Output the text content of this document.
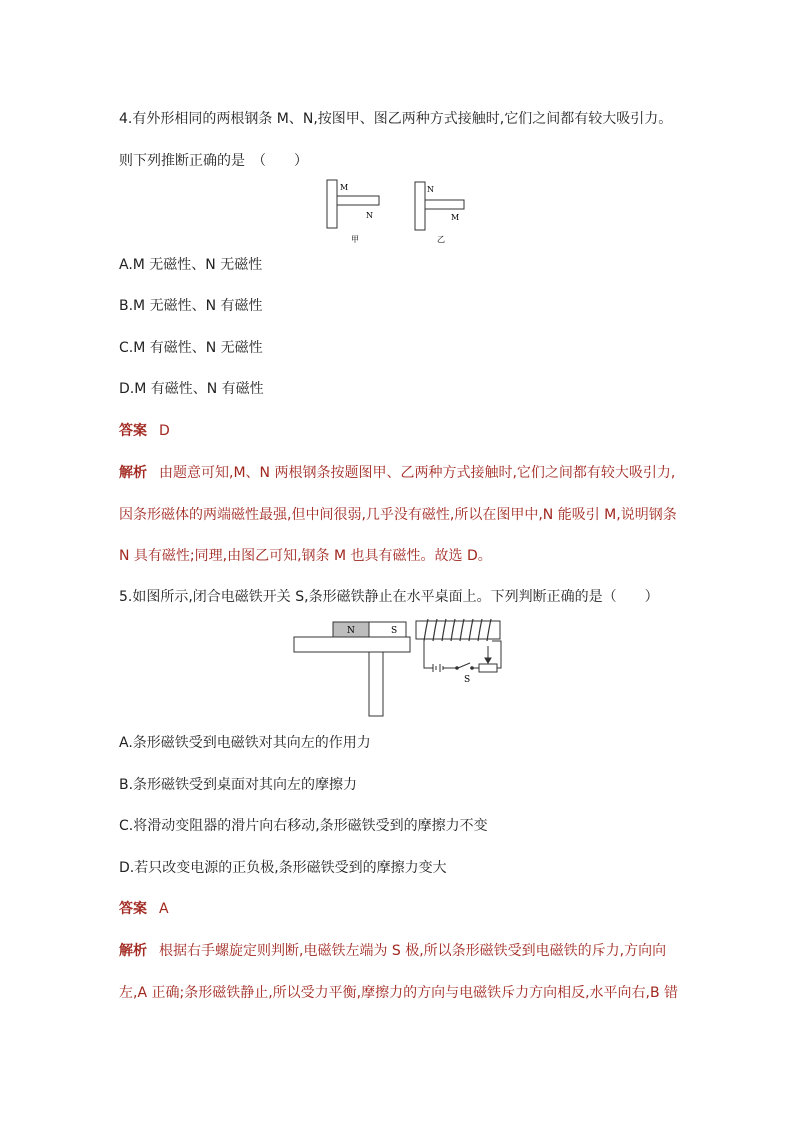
4.有外形相同的两根钢条 M、N,按图甲、图乙两种方式接触时,它们之间都有较大吸引力。
则下列推断正确的是　（　　）
M
N
甲
N
M
乙
A.M 无磁性、N 无磁性
B.M 无磁性、N 有磁性
C.M 有磁性、N 无磁性
D.M 有磁性、N 有磁性
答案 D
解析 由题意可知,M、N 两根钢条按题图甲、乙两种方式接触时,它们之间都有较大吸引力,
因条形磁体的两端磁性最强,但中间很弱,几乎没有磁性,所以在图甲中,N 能吸引 M,说明钢条
N 具有磁性;同理,由图乙可知,钢条 M 也具有磁性。故选 D。
5.如图所示,闭合电磁铁开关 S,条形磁铁静止在水平桌面上。下列判断正确的是（　　）
N	S
S
A.条形磁铁受到电磁铁对其向左的作用力
B.条形磁铁受到桌面对其向左的摩擦力
C.将滑动变阻器的滑片向右移动,条形磁铁受到的摩擦力不变
D.若只改变电源的正负极,条形磁铁受到的摩擦力变大
答案 A
解析 根据右手螺旋定则判断,电磁铁左端为 S 极,所以条形磁铁受到电磁铁的斥力,方向向
左,A 正确;条形磁铁静止,所以受力平衡,摩擦力的方向与电磁铁斥力方向相反,水平向右,B 错
